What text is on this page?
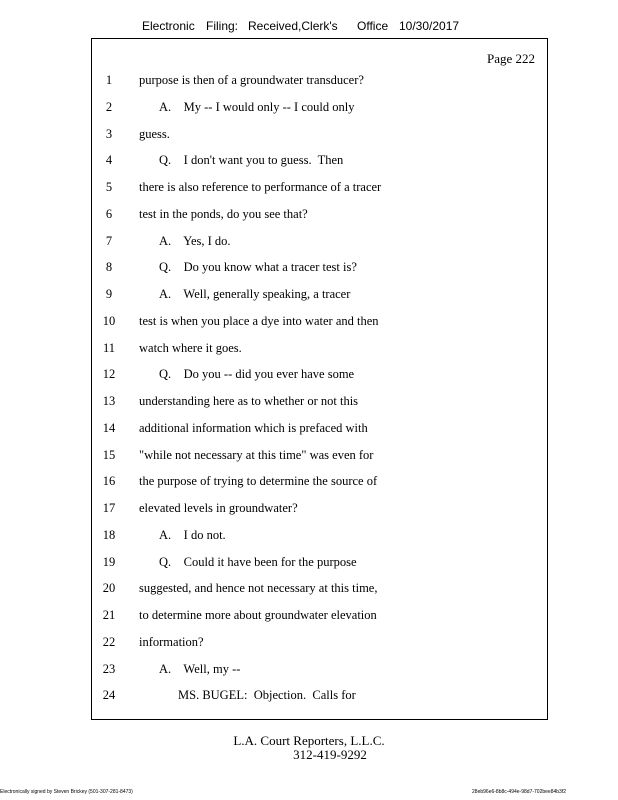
Electronic Filing: Received,Clerk's Office 10/30/2017
Page 222
1	purpose is then of a groundwater transducer?
2	A.    My -- I would only -- I could only
3	guess.
4	Q.    I don't want you to guess.  Then
5	there is also reference to performance of a tracer
6	test in the ponds, do you see that?
7	A.    Yes, I do.
8	Q.    Do you know what a tracer test is?
9	A.    Well, generally speaking, a tracer
10	test is when you place a dye into water and then
11	watch where it goes.
12	Q.    Do you -- did you ever have some
13	understanding here as to whether or not this
14	additional information which is prefaced with
15	"while not necessary at this time" was even for
16	the purpose of trying to determine the source of
17	elevated levels in groundwater?
18	A.    I do not.
19	Q.    Could it have been for the purpose
20	suggested, and hence not necessary at this time,
21	to determine more about groundwater elevation
22	information?
23	A.    Well, my --
24	MS. BUGEL:  Objection.  Calls for
L.A. Court Reporters, L.L.C.
312-419-9292
Electronically signed by Steven Brickey (501-307-281-8473)	28eb96e6-8b8c-494e-98d7-702bee84b3f2
